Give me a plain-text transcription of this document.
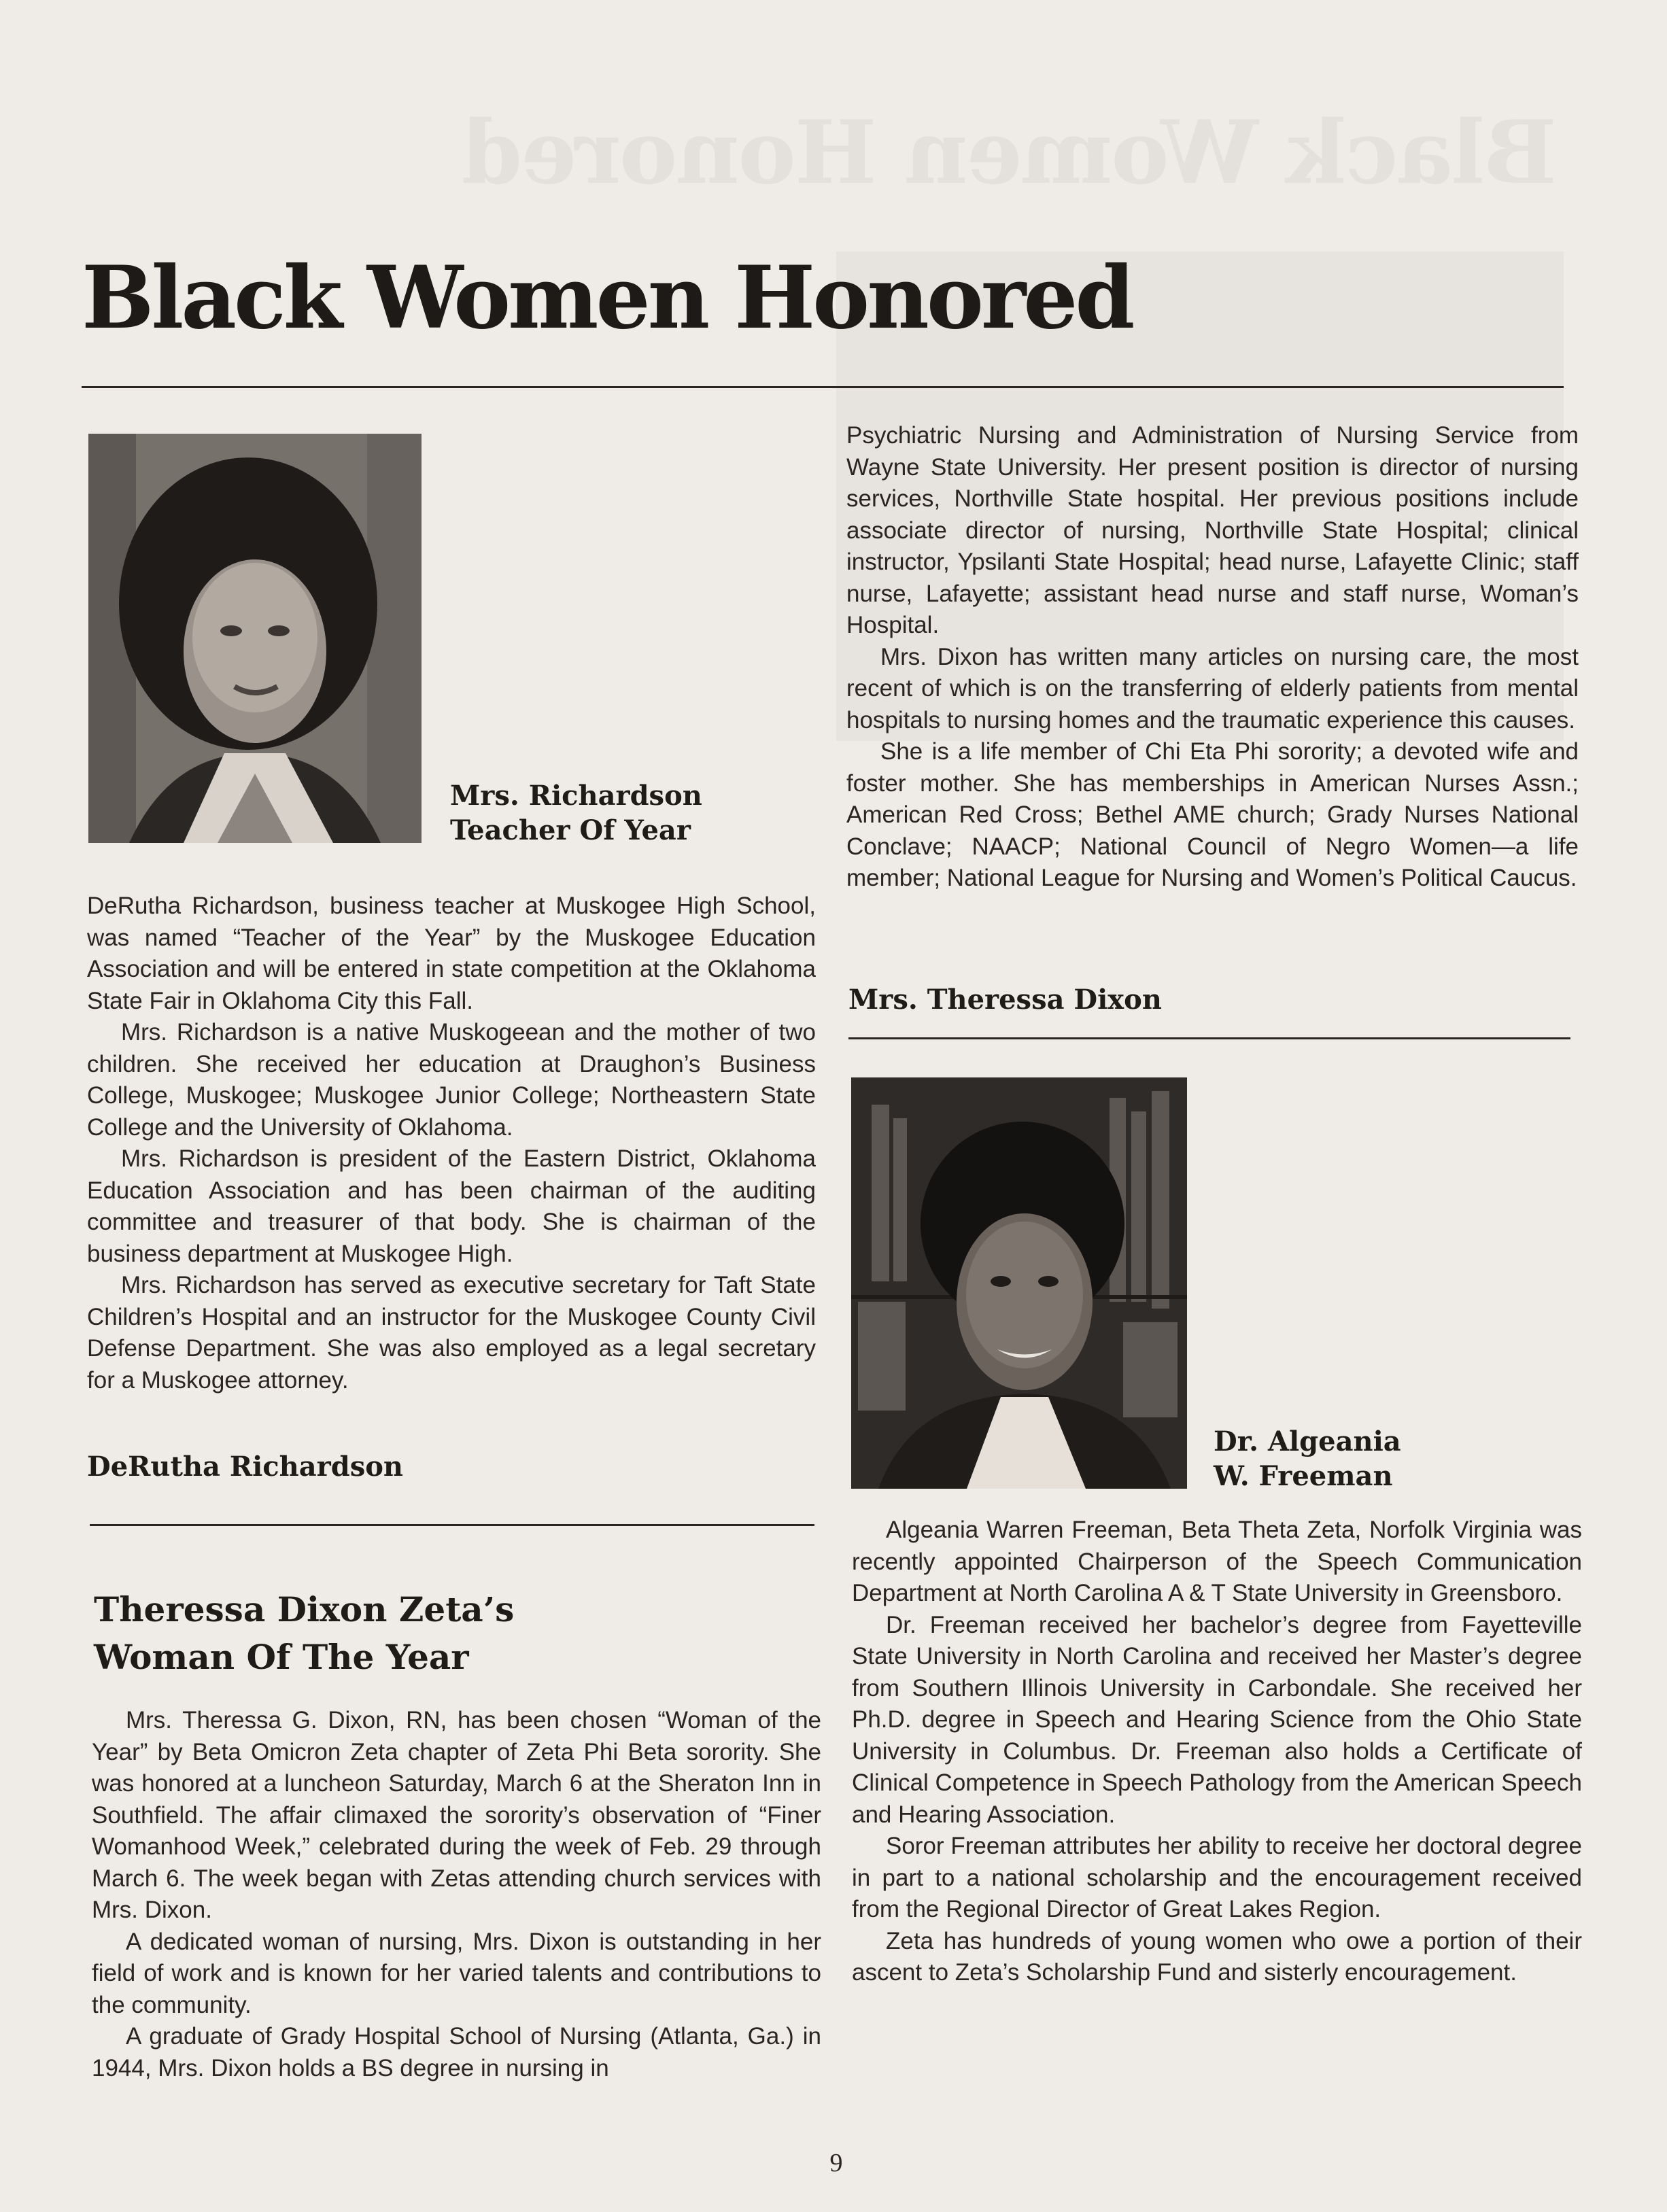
Black Women Honored
Black Women Honored

Mrs. Richardson

Teacher Of Year

DeRutha Richardson, business teacher at Muskogee High School, was named “Teacher of the Year” by the Muskogee Education Association and will be entered in state competition at the Oklahoma State Fair in Oklahoma City this Fall.

Mrs. Richardson is a native Muskogeean and the mother of two children. She received her education at Draughon’s Business College, Muskogee; Muskogee Junior College; Northeastern State College and the University of Oklahoma.

Mrs. Richardson is president of the Eastern District, Oklahoma Education Association and has been chairman of the auditing committee and treasurer of that body. She is chairman of the business department at Muskogee High.

Mrs. Richardson has served as executive secretary for Taft State Children’s Hospital and an instructor for the Muskogee County Civil Defense Department. She was also employed as a legal secretary for a Muskogee attorney.

DeRutha Richardson

Theressa Dixon Zeta’s
Woman Of The Year

Mrs. Theressa G. Dixon, RN, has been chosen “Woman of the Year” by Beta Omicron Zeta chapter of Zeta Phi Beta sorority. She was honored at a luncheon Saturday, March 6 at the Sheraton Inn in Southfield. The affair climaxed the sorority’s observation of “Finer Womanhood Week,” celebrated during the week of Feb. 29 through March 6. The week began with Zetas attending church services with Mrs. Dixon.

A dedicated woman of nursing, Mrs. Dixon is outstanding in her field of work and is known for her varied talents and contributions to the community.

A graduate of Grady Hospital School of Nursing (Atlanta, Ga.) in 1944, Mrs. Dixon holds a BS degree in nursing in

Psychiatric Nursing and Administration of Nursing Service from Wayne State University. Her present position is director of nursing services, Northville State hospital. Her previous positions include associate director of nursing, Northville State Hospital; clinical instructor, Ypsilanti State Hospital; head nurse, Lafayette Clinic; staff nurse, Lafayette; assistant head nurse and staff nurse, Woman’s Hospital.

Mrs. Dixon has written many articles on nursing care, the most recent of which is on the transferring of elderly patients from mental hospitals to nursing homes and the traumatic experience this causes.

She is a life member of Chi Eta Phi sorority; a devoted wife and foster mother. She has memberships in American Nurses Assn.; American Red Cross; Bethel AME church; Grady Nurses National Conclave; NAACP; National Council of Negro Women—a life member; National League for Nursing and Women’s Political Caucus.

Mrs. Theressa Dixon

Dr. Algeania

W. Freeman

Algeania Warren Freeman, Beta Theta Zeta, Norfolk Virginia was recently appointed Chairperson of the Speech Communication Department at North Carolina A & T State University in Greensboro.

Dr. Freeman received her bachelor’s degree from Fayetteville State University in North Carolina and received her Master’s degree from Southern Illinois University in Carbondale. She received her Ph.D. degree in Speech and Hearing Science from the Ohio State University in Columbus. Dr. Freeman also holds a Certificate of Clinical Competence in Speech Pathology from the American Speech and Hearing Association.

Soror Freeman attributes her ability to receive her doctoral degree in part to a national scholarship and the encouragement received from the Regional Director of Great Lakes Region.

Zeta has hundreds of young women who owe a portion of their ascent to Zeta’s Scholarship Fund and sisterly encouragement.

9
